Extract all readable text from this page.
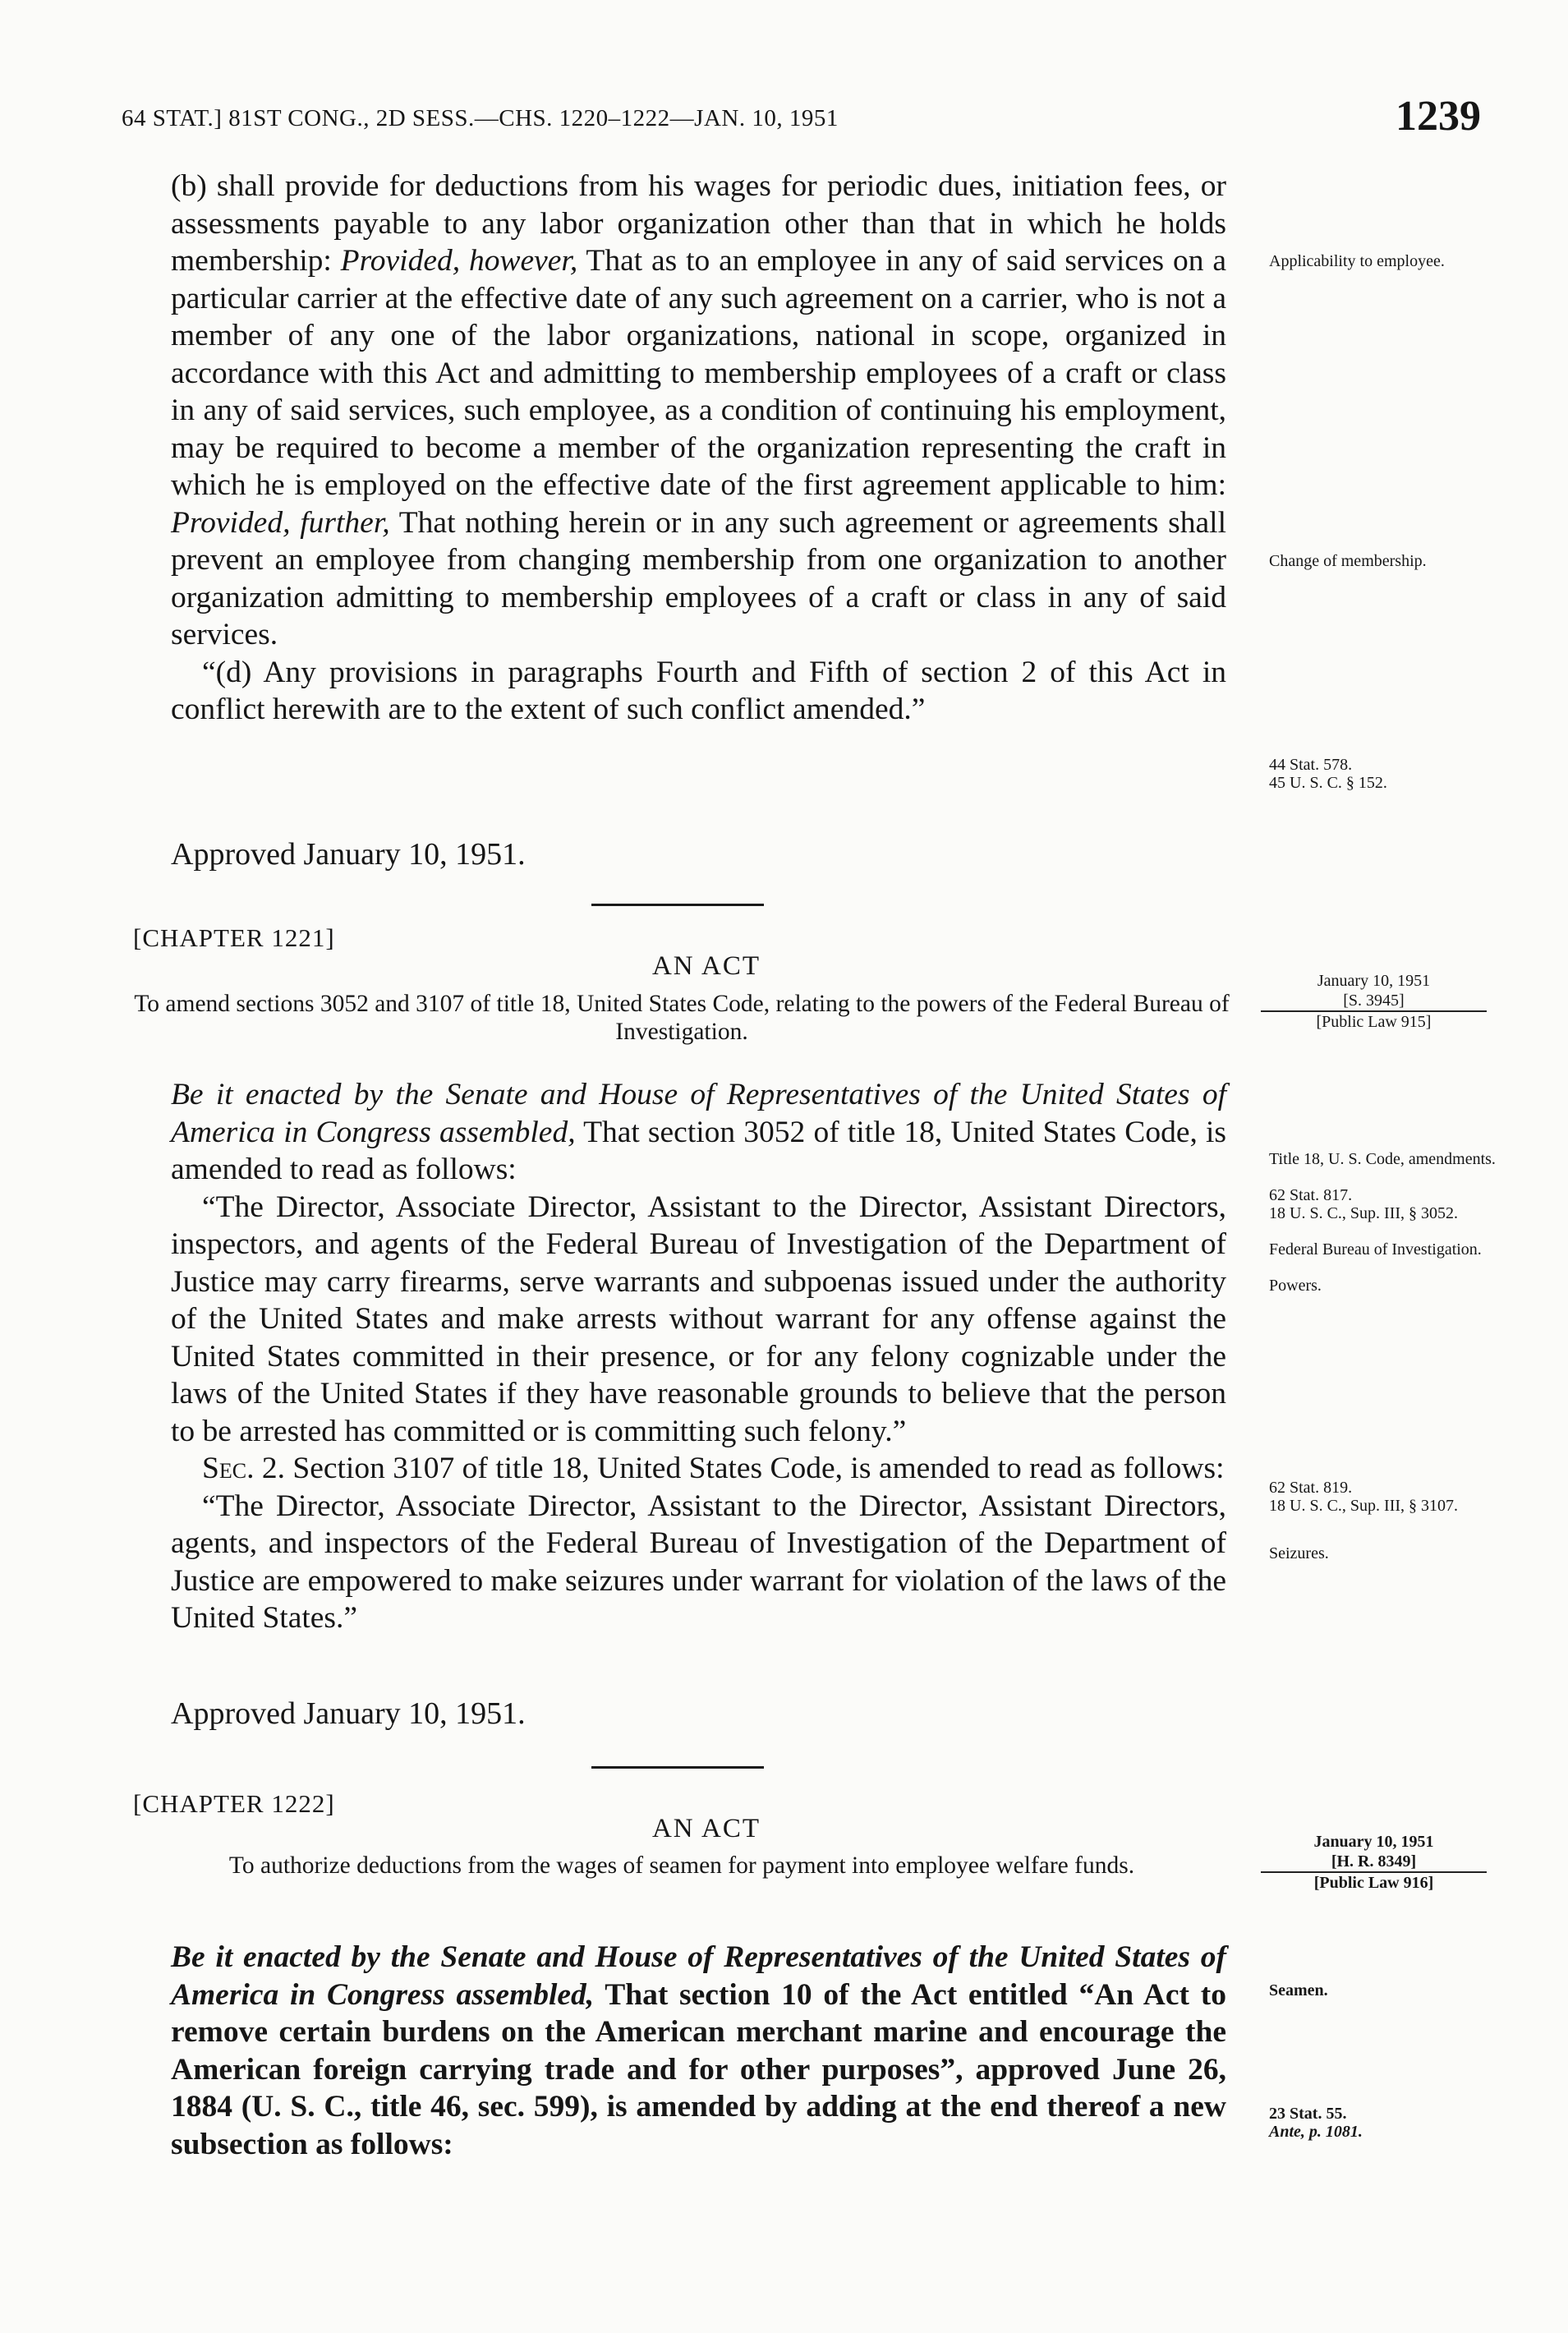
64 STAT.] 81ST CONG., 2D SESS.—CHS. 1220–1222—JAN. 10, 1951	1239

(b) shall provide for deductions from his wages for periodic dues, initiation fees, or assessments payable to any labor organization other than that in which he holds membership: Provided, however, That as to an employee in any of said services on a particular carrier at the effective date of any such agreement on a carrier, who is not a member of any one of the labor organizations, national in scope, organized in accordance with this Act and admitting to membership employees of a craft or class in any of said services, such employee, as a condition of continuing his employment, may be required to become a member of the organization representing the craft in which he is employed on the effective date of the first agreement applicable to him: Provided, further, That nothing herein or in any such agreement or agreements shall prevent an employee from changing membership from one organization to another organization admitting to membership employees of a craft or class in any of said services.

“(d) Any provisions in paragraphs Fourth and Fifth of section 2 of this Act in conflict herewith are to the extent of such conflict amended.”

Approved January 10, 1951.
Applicability to employee.
Change of membership.
44 Stat. 578.
45 U. S. C. § 152.
[CHAPTER 1221]
AN ACT
To amend sections 3052 and 3107 of title 18, United States Code, relating to the powers of the Federal Bureau of Investigation.
January 10, 1951
[S. 3945]
[Public Law 915]

Be it enacted by the Senate and House of Representatives of the United States of America in Congress assembled, That section 3052 of title 18, United States Code, is amended to read as follows:

“The Director, Associate Director, Assistant to the Director, Assistant Directors, inspectors, and agents of the Federal Bureau of Investigation of the Department of Justice may carry firearms, serve warrants and subpoenas issued under the authority of the United States and make arrests without warrant for any offense against the United States committed in their presence, or for any felony cognizable under the laws of the United States if they have reasonable grounds to believe that the person to be arrested has committed or is committing such felony.”

Sec. 2. Section 3107 of title 18, United States Code, is amended to read as follows:

“The Director, Associate Director, Assistant to the Director, Assistant Directors, agents, and inspectors of the Federal Bureau of Investigation of the Department of Justice are empowered to make seizures under warrant for violation of the laws of the United States.”

Approved January 10, 1951.
Title 18, U. S. Code, amendments.
62 Stat. 817.
18 U. S. C., Sup. III, § 3052.
Federal Bureau of Investigation.
Powers.
62 Stat. 819.
18 U. S. C., Sup. III, § 3107.
Seizures.
[CHAPTER 1222]
AN ACT
To authorize deductions from the wages of seamen for payment into employee welfare funds.
January 10, 1951
[H. R. 8349]
[Public Law 916]

Be it enacted by the Senate and House of Representatives of the United States of America in Congress assembled, That section 10 of the Act entitled “An Act to remove certain burdens on the American merchant marine and encourage the American foreign carrying trade and for other purposes”, approved June 26, 1884 (U. S. C., title 46, sec. 599), is amended by adding at the end thereof a new subsection as follows:

Seamen.
23 Stat. 55.
Ante, p. 1081.
